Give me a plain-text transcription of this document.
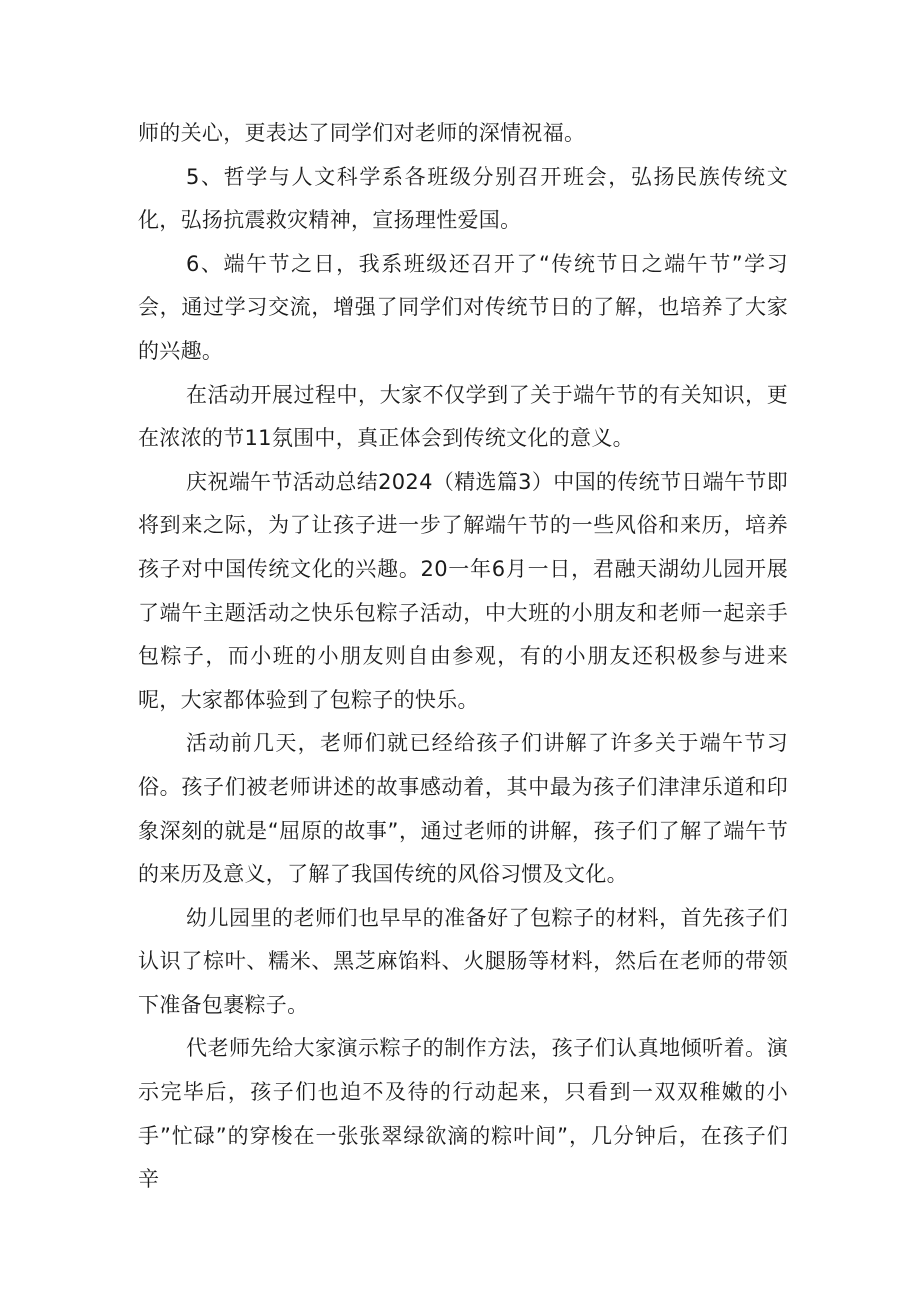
师的关心，更表达了同学们对老师的深情祝福。

5、哲学与人文科学系各班级分别召开班会，弘扬民族传统文化，弘扬抗震救灾精神，宣扬理性爱国。

6、端午节之日，我系班级还召开了“传统节日之端午节”学习会，通过学习交流，增强了同学们对传统节日的了解，也培养了大家的兴趣。

在活动开展过程中，大家不仅学到了关于端午节的有关知识，更在浓浓的节11氛围中，真正体会到传统文化的意义。

庆祝端午节活动总结2024（精选篇3）中国的传统节日端午节即将到来之际，为了让孩子进一步了解端午节的一些风俗和来历，培养孩子对中国传统文化的兴趣。20一年6月一日，君融天湖幼儿园开展了端午主题活动之快乐包粽子活动，中大班的小朋友和老师一起亲手包粽子，而小班的小朋友则自由参观，有的小朋友还积极参与进来呢，大家都体验到了包粽子的快乐。

活动前几天，老师们就已经给孩子们讲解了许多关于端午节习俗。孩子们被老师讲述的故事感动着，其中最为孩子们津津乐道和印象深刻的就是“屈原的故事”，通过老师的讲解，孩子们了解了端午节的来历及意义，了解了我国传统的风俗习惯及文化。

幼儿园里的老师们也早早的准备好了包粽子的材料，首先孩子们认识了棕叶、糯米、黑芝麻馅料、火腿肠等材料，然后在老师的带领下准备包裹粽子。

代老师先给大家演示粽子的制作方法，孩子们认真地倾听着。演示完毕后，孩子们也迫不及待的行动起来，只看到一双双稚嫩的小手”忙碌”的穿梭在一张张翠绿欲滴的粽叶间”，几分钟后，在孩子们辛
